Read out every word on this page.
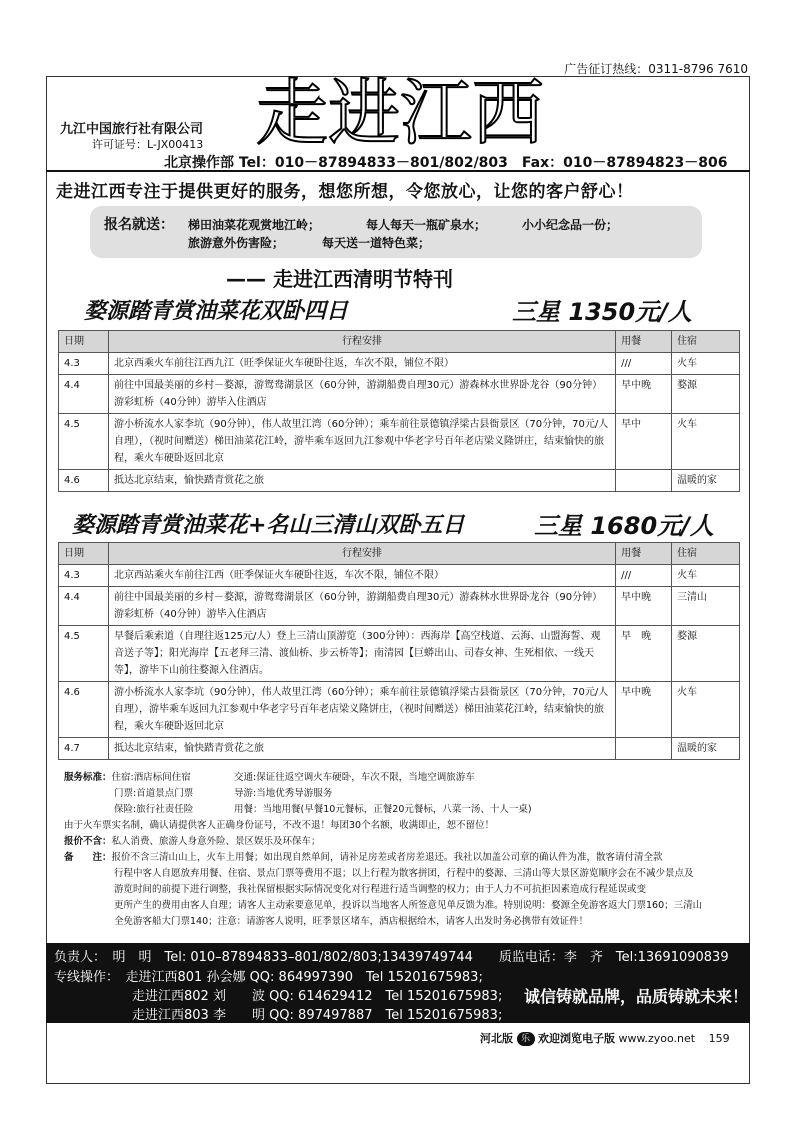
广告征订热线：0311-8796 7610
九江中国旅行社有限公司
许可证号：L-JX00413 走进江西
北京操作部 Tel：010－87894833－801/802/803　Fax：010－87894823－806
走进江西专注于提供更好的服务，想您所想，令您放心，让您的客户舒心！
报名就送： 梯田油菜花观赏地江岭；	每人每天一瓶矿泉水；	小小纪念品一份；
旅游意外伤害险；	每天送一道特色菜；
—— 走进江西清明节特刊
婺源踏青赏油菜花双卧四日	三星 1350元/人
日期	行程安排	用餐	住宿
4.3	北京西乘火车前往江西九江（旺季保证火车硬卧往返，车次不限，铺位不限）	///	火车
4.4	前往中国最美丽的乡村－婺源，游鸳鸯湖景区（60分钟，游湖船费自理30元）游森林水世界卧龙谷（90分钟）游彩虹桥（40分钟）游毕入住酒店	早中晚	婺源
4.5	游小桥流水人家李坑（90分钟），伟人故里江湾（60分钟）；乘车前往景德镇浮梁古县衙景区（70分钟，70元/人自理），（视时间赠送）梯田油菜花江岭，游毕乘车返回九江参观中华老字号百年老店梁义隆饼庄，结束愉快的旅程，乘火车硬卧返回北京	早中	火车
4.6	抵达北京结束，愉快踏青赏花之旅		温暖的家
婺源踏青赏油菜花+名山三清山双卧五日	三星 1680元/人
日期	行程安排	用餐	住宿
4.3	北京西站乘火车前往江西（旺季保证火车硬卧往返，车次不限，铺位不限）	///	火车
4.4	前往中国最美丽的乡村－婺源，游鸳鸯湖景区（60分钟，游湖船费自理30元）游森林水世界卧龙谷（90分钟）游彩虹桥（40分钟）游毕入住酒店	早中晚	三清山
4.5	早餐后乘索道（自理往返125元/人）登上三清山顶游览（300分钟）：西海岸【高空栈道、云海、山盟海誓、观音送子等】；阳光海岸【五老拜三清、渡仙桥、步云桥等】；南清园【巨蟒出山、司春女神、生死相依、一线天等】，游毕下山前往婺源入住酒店。	早　晚	婺源
4.6	游小桥流水人家李坑（90分钟），伟人故里江湾（60分钟）；乘车前往景德镇浮梁古县衙景区（70分钟，70元/人自理），游毕乘车返回九江参观中华老字号百年老店梁义隆饼庄，（视时间赠送）梯田油菜花江岭，结束愉快的旅程，乘火车硬卧返回北京	早中晚	火车
4.7	抵达北京结束，愉快踏青赏花之旅		温暖的家
服务标准：住宿:酒店标间住宿	交通:保证往返空调火车硬卧，车次不限，当地空调旅游车
门票:首道景点门票	导游:当地优秀导游服务
保险:旅行社责任险	用餐：当地用餐(早餐10元餐标，正餐20元餐标，八菜一汤、十人一桌)
由于火车票实名制，确认请提供客人正确身份证号，不改不退！每团30个名额，收满即止，恕不留位！
报价不含：私人消费、旅游人身意外险、景区娱乐及环保车；
备　　注：报价不含三清山山上，火车上用餐；如出现自然单间，请补足房差或者房差退还。我社以加盖公司章的确认件为准，散客请付清全款
行程中客人自愿放弃用餐、住宿、景点门票等费用不退；以上行程为散客拼团，行程中的婺源、三清山等大景区游览顺序会在不减少景点及
游览时间的前提下进行调整，我社保留根据实际情况变化对行程进行适当调整的权力；由于人力不可抗拒因素造成行程延误或变
更所产生的费用由客人自理；请客人主动索要意见单，投诉以当地客人所签意见单反馈为准。特别说明：婺源全免游客返大门票160；三清山
全免游客船大门票140；注意：请游客人说明，旺季景区堵车，酒店根据给木，请客人出发时务必携带有效证件！
负责人：　明　明　Tel: 010–87894833–801/802/803;13439749744　　质监电话：李　齐　Tel:13691090839
专线操作：　走进江西801 孙会娜 QQ: 864997390　Tel 15201675983;
走进江西802 刘　　波 QQ: 614629412　Tel 15201675983;
走进江西803 李　　明 QQ: 897497887　Tel 15201675983;
诚信铸就品牌，品质铸就未来！
河北版 乐 欢迎浏览电子版 www.zyoo.net 159
